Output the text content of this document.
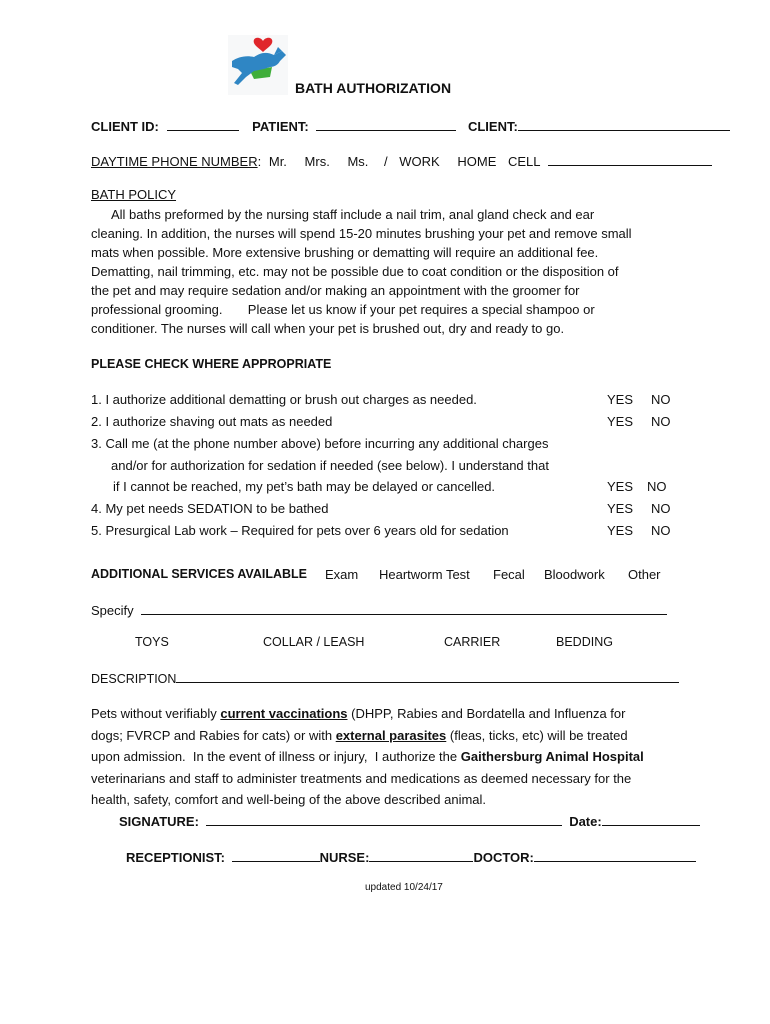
BATH AUTHORIZATION
CLIENT ID:	PATIENT:	CLIENT:
DAYTIME PHONE NUMBER: Mr. Mrs. Ms. / WORK HOME CELL
BATH POLICY
All baths preformed by the nursing staff include a nail trim, anal gland check and ear
cleaning. In addition, the nurses will spend 15-20 minutes brushing your pet and remove small
mats when possible. More extensive brushing or dematting will require an additional fee.
Dematting, nail trimming, etc. may not be possible due to coat condition or the disposition of
the pet and may require sedation and/or making an appointment with the groomer for
professional grooming.       Please let us know if your pet requires a special shampoo or
conditioner. The nurses will call when your pet is brushed out, dry and ready to go.
PLEASE CHECK WHERE APPROPRIATE
1. I authorize additional dematting or brush out charges as needed.	YES NO
2. I authorize shaving out mats as needed	YES NO
3. Call me (at the phone number above) before incurring any additional charges
and/or for authorization for sedation if needed (see below). I understand that
if I cannot be reached, my pet’s bath may be delayed or cancelled.	YES NO
4. My pet needs SEDATION to be bathed	YES NO
5. Presurgical Lab work – Required for pets over 6 years old for sedation	YES NO
ADDITIONAL SERVICES AVAILABLE Exam Heartworm Test Fecal Bloodwork Other
Specify
TOYS	COLLAR / LEASH	CARRIER	BEDDING
DESCRIPTION
Pets without verifiably current vaccinations (DHPP, Rabies and Bordatella and Influenza for
dogs; FVRCP and Rabies for cats) or with external parasites (fleas, ticks, etc) will be treated
upon admission.  In the event of illness or injury,  I authorize the Gaithersburg Animal Hospital
veterinarians and staff to administer treatments and medications as deemed necessary for the
health, safety, comfort and well-being of the above described animal.
SIGNATURE:	Date:
RECEPTIONIST:	NURSE:	DOCTOR:
updated 10/24/17
